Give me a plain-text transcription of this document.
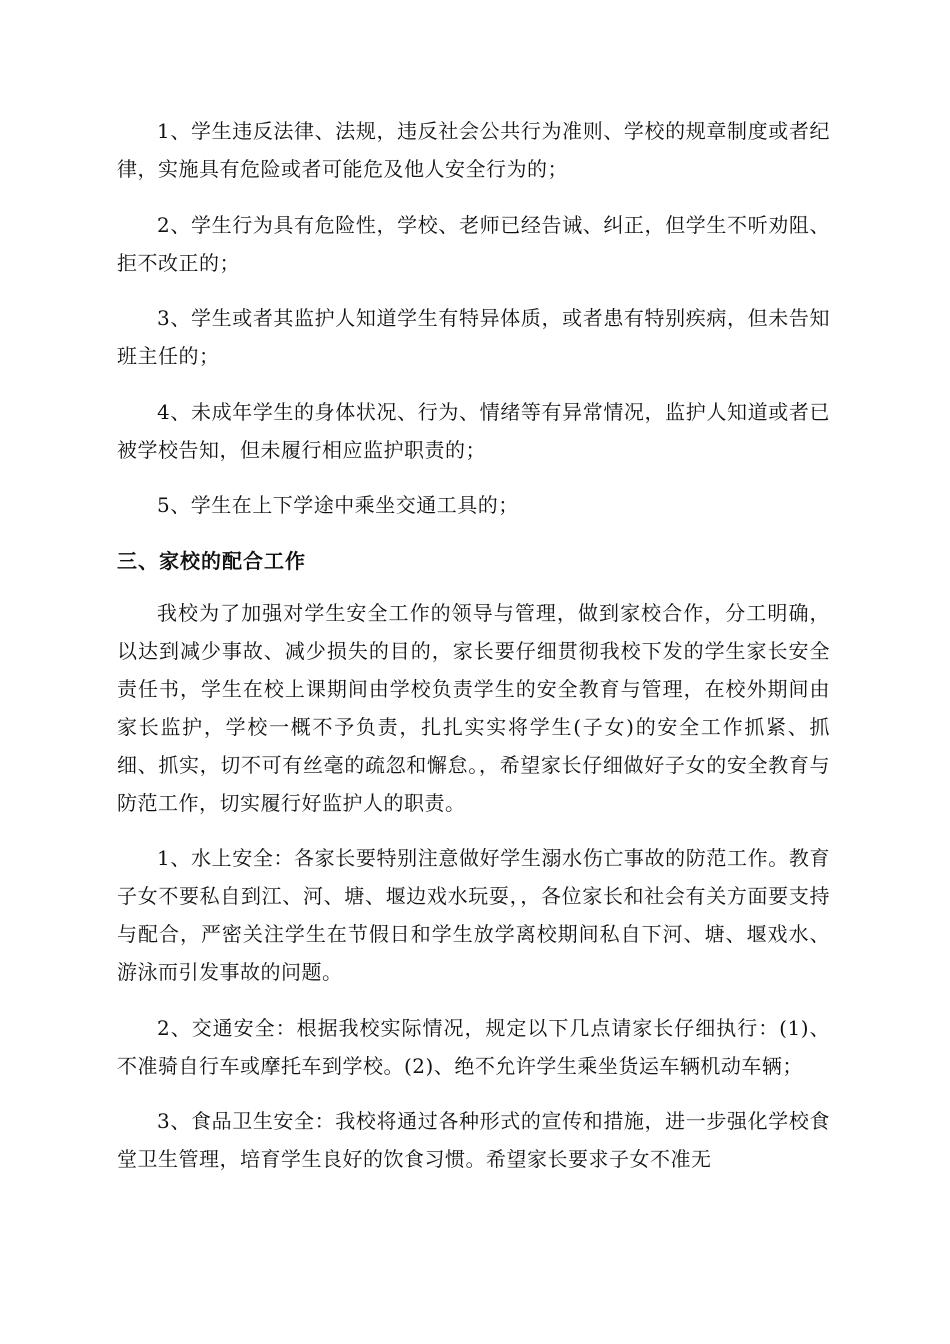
1、学生违反法律、法规，违反社会公共行为准则、学校的规章制度或者纪律，实施具有危险或者可能危及他人安全行为的；

2、学生行为具有危险性，学校、老师已经告诫、纠正，但学生不听劝阻、拒不改正的；

3、学生或者其监护人知道学生有特异体质，或者患有特别疾病，但未告知班主任的；

4、未成年学生的身体状况、行为、情绪等有异常情况，监护人知道或者已被学校告知，但未履行相应监护职责的；

5、学生在上下学途中乘坐交通工具的；

三、家校的配合工作

我校为了加强对学生安全工作的领导与管理，做到家校合作，分工明确，以达到减少事故、减少损失的目的，家长要仔细贯彻我校下发的学生家长安全责任书，学生在校上课期间由学校负责学生的安全教育与管理，在校外期间由家长监护，学校一概不予负责，扎扎实实将学生(子女)的安全工作抓紧、抓细、抓实，切不可有丝毫的疏忽和懈怠。，希望家长仔细做好子女的安全教育与防范工作，切实履行好监护人的职责。

1、水上安全：各家长要特别注意做好学生溺水伤亡事故的防范工作。教育子女不要私自到江、河、塘、堰边戏水玩耍，，各位家长和社会有关方面要支持与配合，严密关注学生在节假日和学生放学离校期间私自下河、塘、堰戏水、游泳而引发事故的问题。

2、交通安全：根据我校实际情况，规定以下几点请家长仔细执行：(1)、不准骑自行车或摩托车到学校。(2)、绝不允许学生乘坐货运车辆机动车辆；

3、食品卫生安全：我校将通过各种形式的宣传和措施，进一步强化学校食堂卫生管理，培育学生良好的饮食习惯。希望家长要求子女不准无
